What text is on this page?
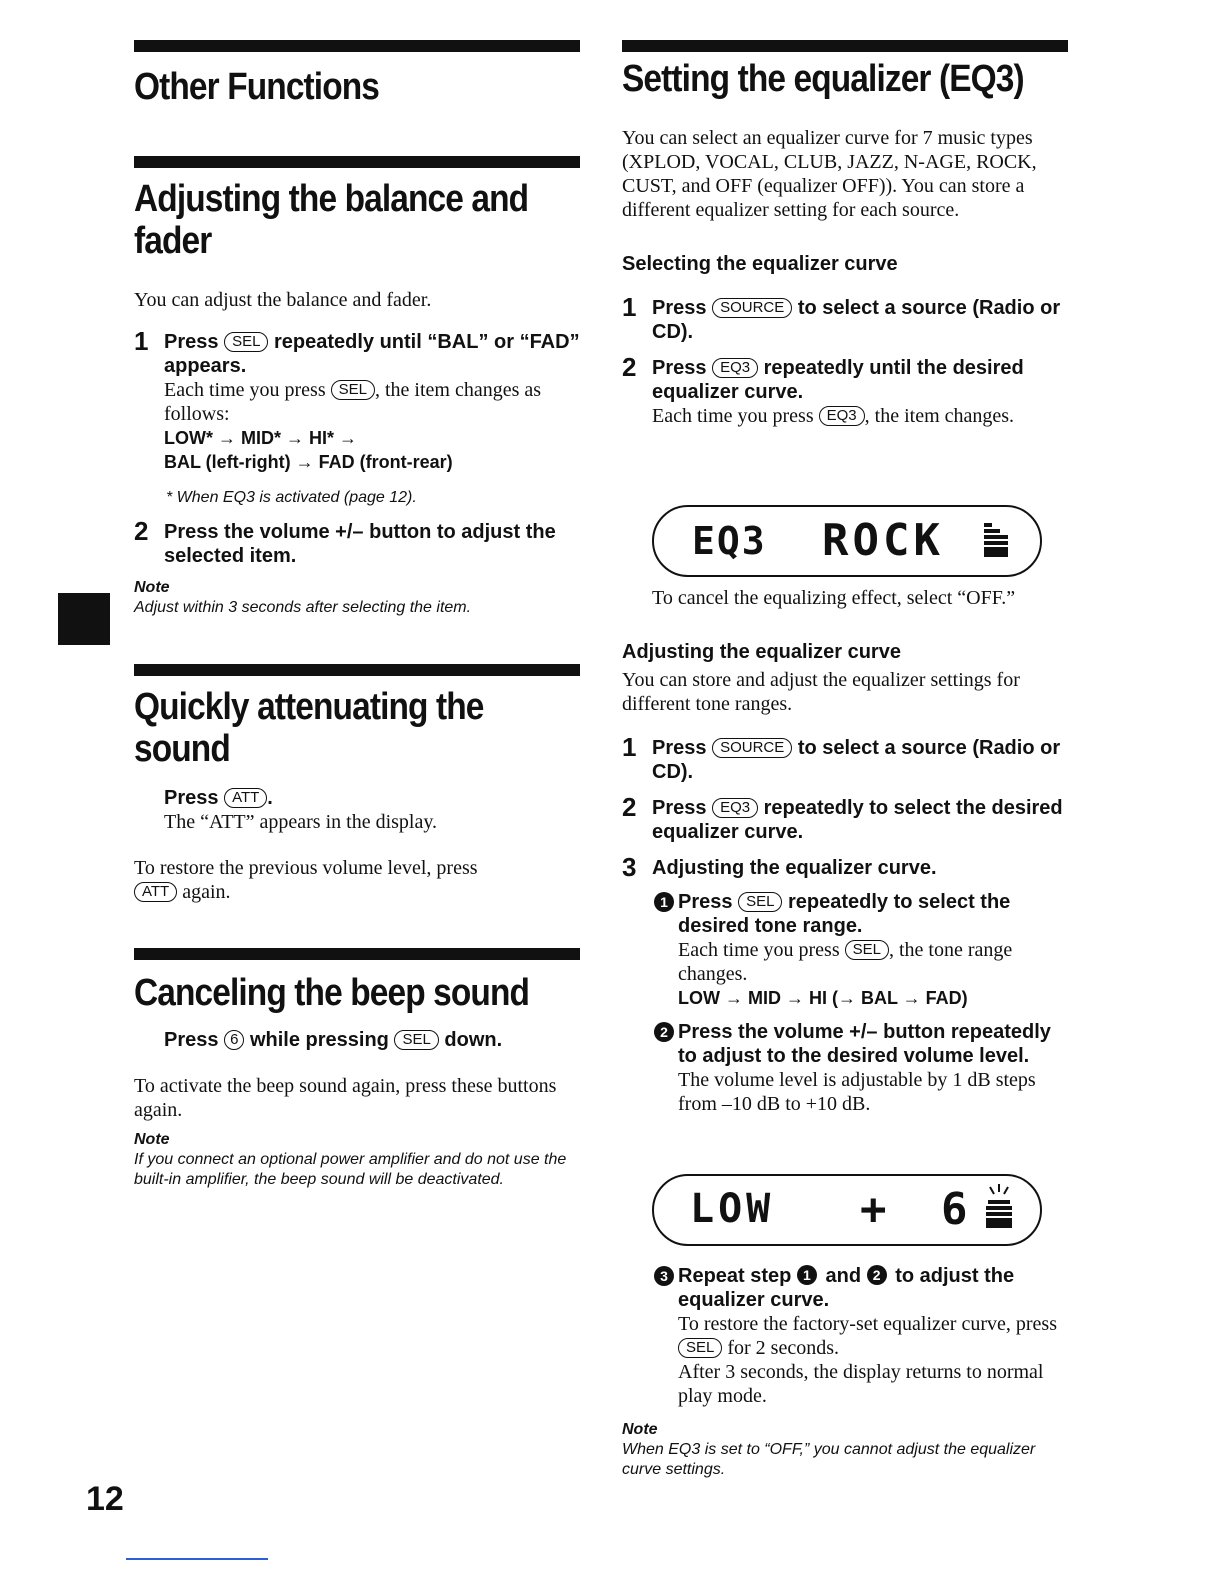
Other Functions
Adjusting the balance and fader
You can adjust the balance and fader.
1 Press SEL repeatedly until “BAL” or “FAD” appears.
Each time you press SEL , the item changes as follows:
LOW* → MID* → HI* →
BAL (left-right) → FAD (front-rear)
* When EQ3 is activated (page 12).
2 Press the volume +/– button to adjust the selected item.
Note
Adjust within 3 seconds after selecting the item.
Quickly attenuating the sound
Press ATT .
The “ATT” appears in the display.
To restore the previous volume level, press
ATT again.
Canceling the beep sound
Press 6 while pressing SEL down.
To activate the beep sound again, press these buttons again.
Note
If you connect an optional power amplifier and do not use the built-in amplifier, the beep sound will be deactivated.
12
Setting the equalizer (EQ3)
You can select an equalizer curve for 7 music types (XPLOD, VOCAL, CLUB, JAZZ, N-AGE, ROCK, CUST, and OFF (equalizer OFF)). You can store a different equalizer setting for each source.
Selecting the equalizer curve
1 Press SOURCE to select a source (Radio or CD).
2 Press EQ3 repeatedly until the desired equalizer curve.
Each time you press EQ3 , the item changes.
EQ3 ROCK
To cancel the equalizing effect, select “OFF.”
Adjusting the equalizer curve
You can store and adjust the equalizer settings for different tone ranges.
1 Press SOURCE to select a source (Radio or CD).
2 Press EQ3 repeatedly to select the desired equalizer curve.
3 Adjusting the equalizer curve.
1 Press SEL repeatedly to select the desired tone range.
Each time you press SEL , the tone range changes.
LOW → MID → HI (→ BAL → FAD)
2 Press the volume +/– button repeatedly to adjust to the desired volume level.
The volume level is adjustable by 1 dB steps from –10 dB to +10 dB.
LOW + 6
3 Repeat step 1 and 2 to adjust the equalizer curve.
To restore the factory-set equalizer curve, press SEL for 2 seconds.
After 3 seconds, the display returns to normal play mode.
Note
When EQ3 is set to “OFF,” you cannot adjust the equalizer curve settings.
